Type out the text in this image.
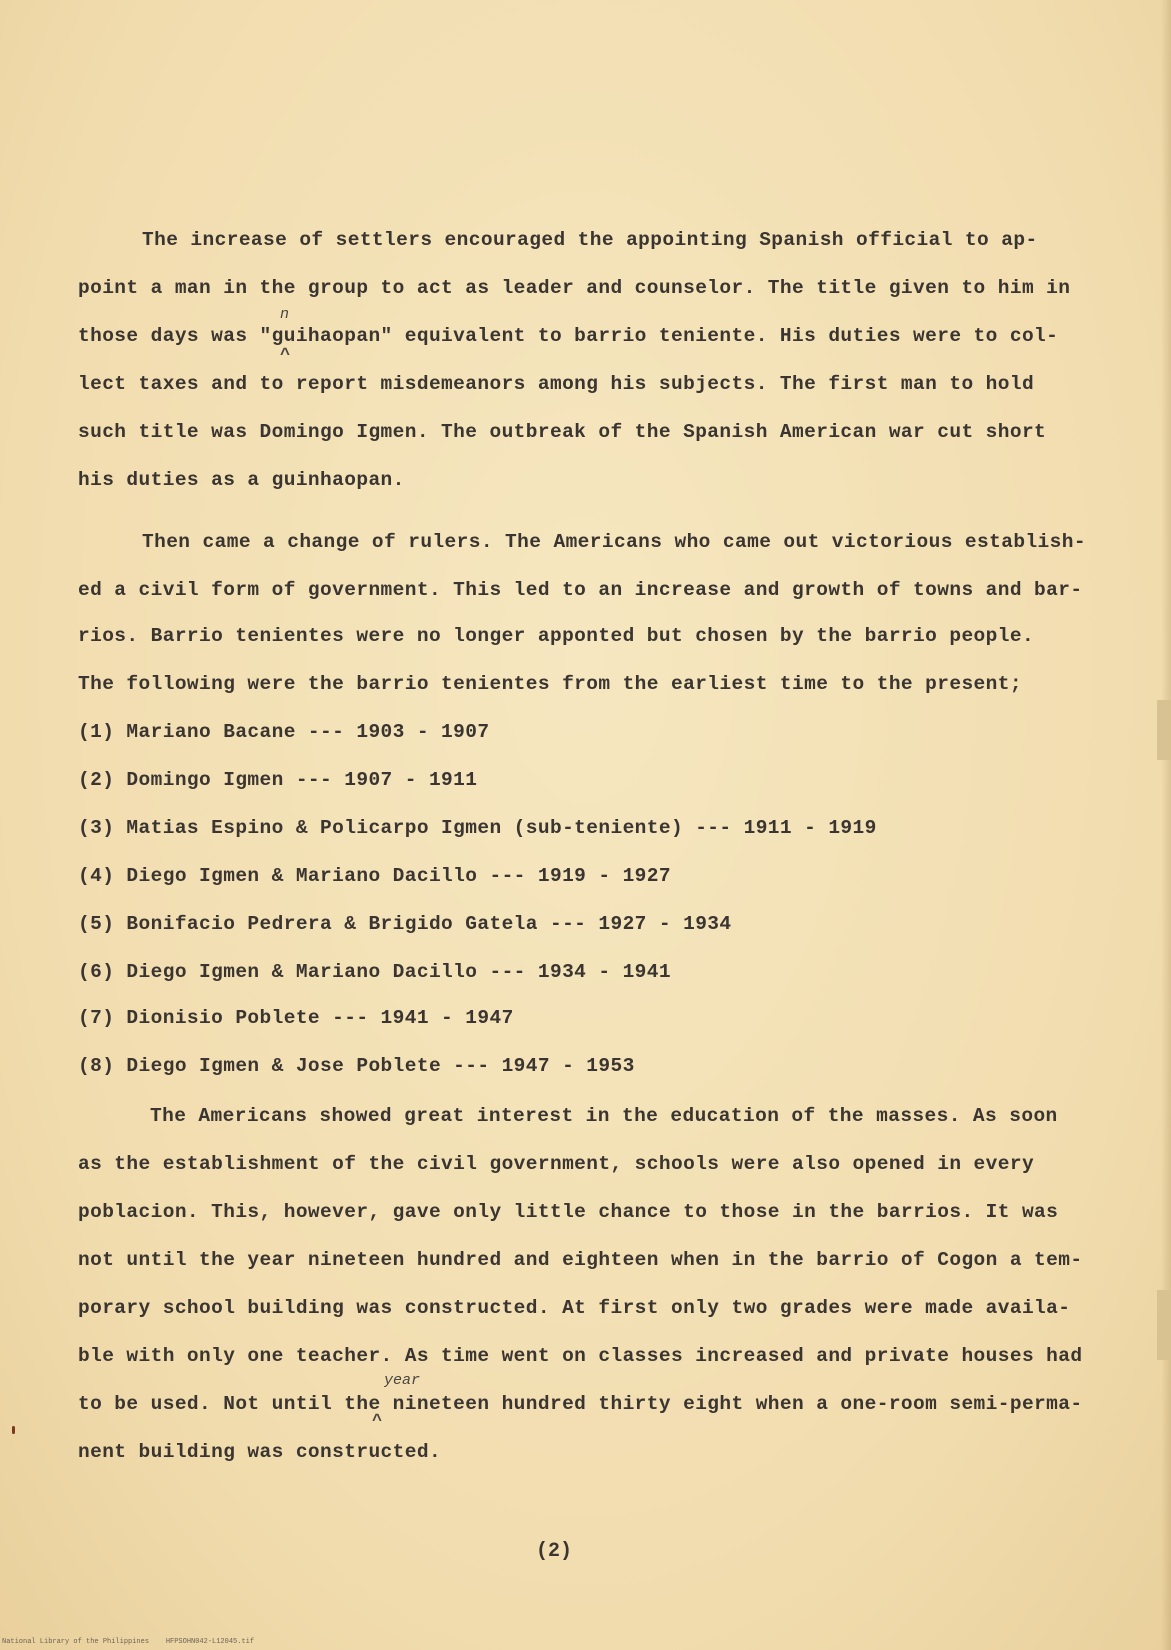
The increase of settlers encouraged the appointing Spanish official to ap-
point a man in the group to act as leader and counselor. The title given to him in
those days was "guihaopan" equivalent to barrio teniente. His duties were to col-
lect taxes and to report misdemeanors among his subjects. The first man to hold
such title was Domingo Igmen. The outbreak of the Spanish American war cut short
his duties as a guinhaopan.
n
^
Then came a change of rulers. The Americans who came out victorious establish-
ed a civil form of government. This led to an increase and growth of towns and bar-
rios. Barrio tenientes were no longer apponted but chosen by the barrio people.
The following were the barrio tenientes from the earliest time to the present;
(1) Mariano Bacane --- 1903 - 1907
(2) Domingo Igmen --- 1907 - 1911
(3) Matias Espino & Policarpo Igmen (sub-teniente) --- 1911 - 1919
(4) Diego Igmen & Mariano Dacillo --- 1919 - 1927
(5) Bonifacio Pedrera & Brigido Gatela --- 1927 - 1934
(6) Diego Igmen & Mariano Dacillo --- 1934 - 1941
(7) Dionisio Poblete --- 1941 - 1947
(8) Diego Igmen & Jose Poblete --- 1947 - 1953
The Americans showed great interest in the education of the masses. As soon
as the establishment of the civil government, schools were also opened in every
poblacion. This, however, gave only little chance to those in the barrios. It was
not until the year nineteen hundred and eighteen when in the barrio of Cogon a tem-
porary school building was constructed. At first only two grades were made availa-
ble with only one teacher. As time went on classes increased and private houses had
to be used. Not until the nineteen hundred thirty eight when a one-room semi-perma-
nent building was constructed.
year
^
(2)
National Library of the Philippines    HFPSOHN042-L12045.tif
